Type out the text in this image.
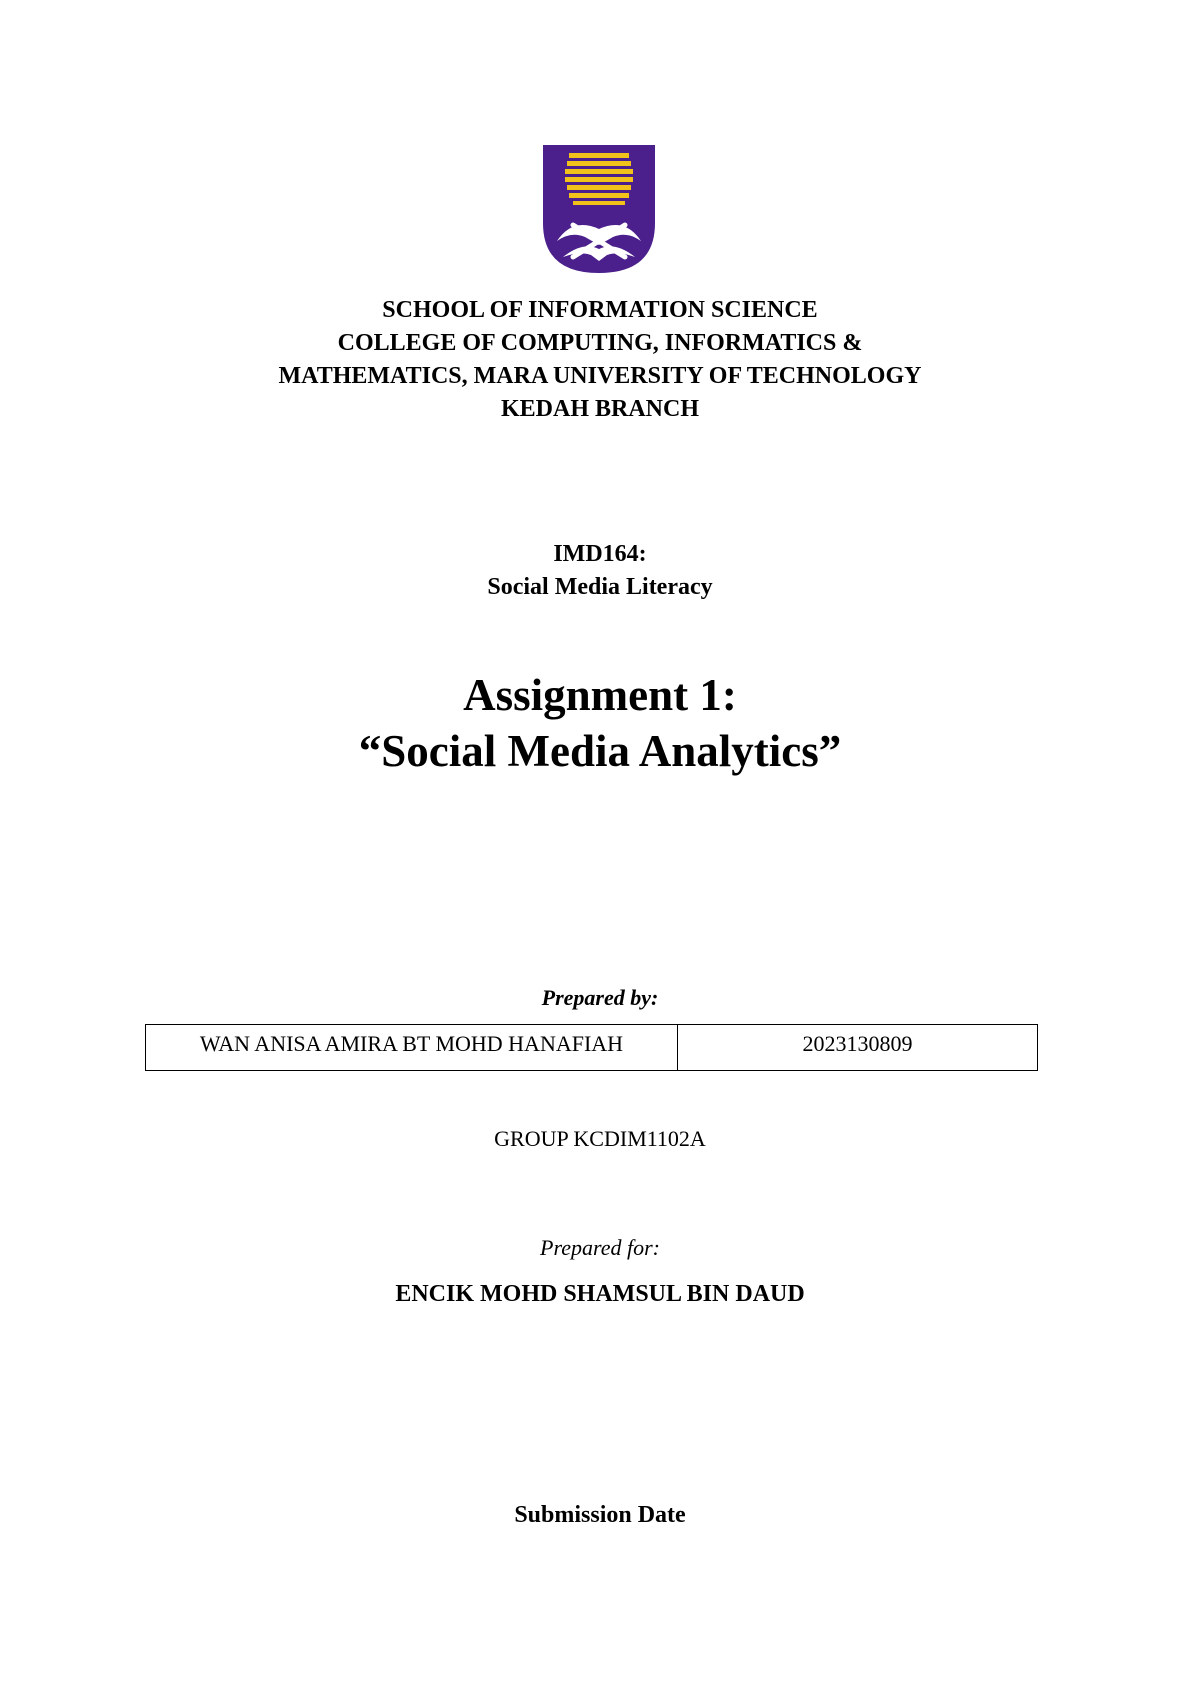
SCHOOL OF INFORMATION SCIENCE
COLLEGE OF COMPUTING, INFORMATICS &
MATHEMATICS, MARA UNIVERSITY OF TECHNOLOGY
KEDAH BRANCH
IMD164:
Social Media Literacy
Assignment 1:
“Social Media Analytics”
Prepared by:
WAN ANISA AMIRA BT MOHD HANAFIAH	2023130809
GROUP KCDIM1102A
Prepared for:
ENCIK MOHD SHAMSUL BIN DAUD
Submission Date
